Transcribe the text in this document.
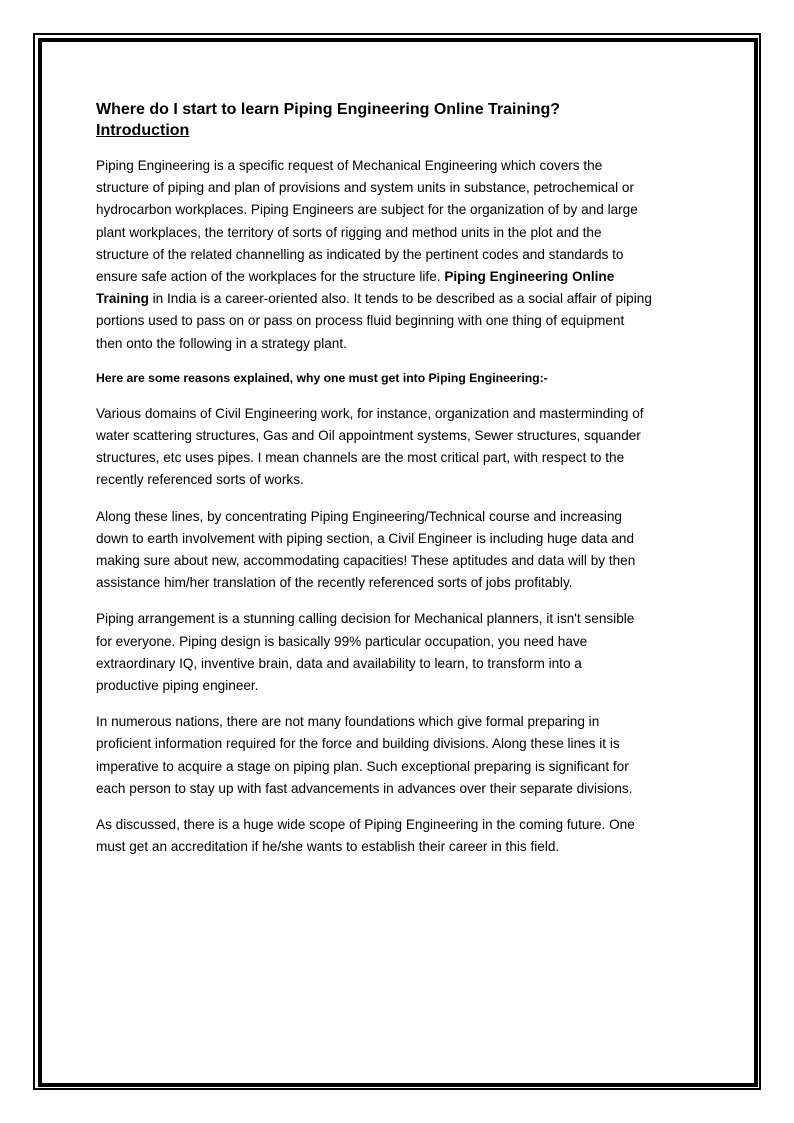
Where do I start to learn Piping Engineering Online Training?
Introduction
Piping Engineering is a specific request of Mechanical Engineering which covers the
structure of piping and plan of provisions and system units in substance, petrochemical or
hydrocarbon workplaces. Piping Engineers are subject for the organization of by and large
plant workplaces, the territory of sorts of rigging and method units in the plot and the
structure of the related channelling as indicated by the pertinent codes and standards to
ensure safe action of the workplaces for the structure life. Piping Engineering Online
Training in India is a career-oriented also. It tends to be described as a social affair of piping
portions used to pass on or pass on process fluid beginning with one thing of equipment
then onto the following in a strategy plant.
Here are some reasons explained, why one must get into Piping Engineering:-
Various domains of Civil Engineering work, for instance, organization and masterminding of
water scattering structures, Gas and Oil appointment systems, Sewer structures, squander
structures, etc uses pipes. I mean channels are the most critical part, with respect to the
recently referenced sorts of works.
Along these lines, by concentrating Piping Engineering/Technical course and increasing
down to earth involvement with piping section, a Civil Engineer is including huge data and
making sure about new, accommodating capacities! These aptitudes and data will by then
assistance him/her translation of the recently referenced sorts of jobs profitably.
Piping arrangement is a stunning calling decision for Mechanical planners, it isn't sensible
for everyone. Piping design is basically 99% particular occupation, you need have
extraordinary IQ, inventive brain, data and availability to learn, to transform into a
productive piping engineer.
In numerous nations, there are not many foundations which give formal preparing in
proficient information required for the force and building divisions. Along these lines it is
imperative to acquire a stage on piping plan. Such exceptional preparing is significant for
each person to stay up with fast advancements in advances over their separate divisions.
As discussed, there is a huge wide scope of Piping Engineering in the coming future. One
must get an accreditation if he/she wants to establish their career in this field.
